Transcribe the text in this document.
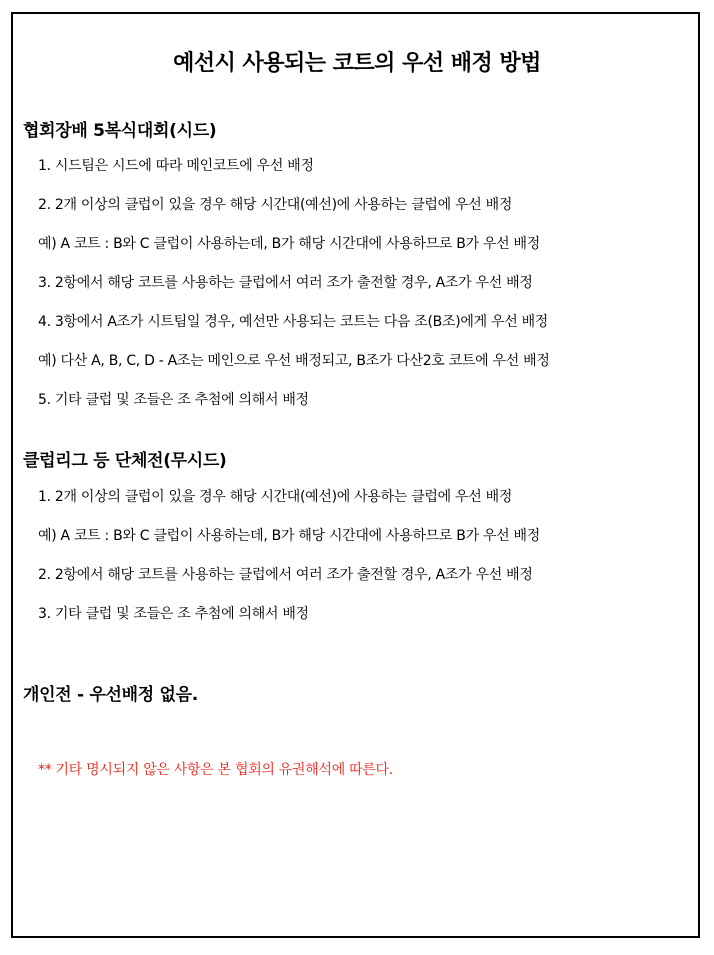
예선시 사용되는 코트의 우선 배정 방법
협회장배 5복식대회(시드)
1. 시드팀은 시드에 따라 메인코트에 우선 배정
2. 2개 이상의 클럽이 있을 경우 해당 시간대(예선)에 사용하는 클럽에 우선 배정
예) A 코트 : B와 C 클럽이 사용하는데, B가 해당 시간대에 사용하므로 B가 우선 배정
3. 2항에서 해당 코트를 사용하는 클럽에서 여러 조가 출전할 경우, A조가 우선 배정
4. 3항에서 A조가 시트팀일 경우, 예선만 사용되는 코트는 다음 조(B조)에게 우선 배정
예) 다산 A, B, C, D - A조는 메인으로 우선 배정되고, B조가 다산2호 코트에 우선 배정
5. 기타 클럽 및 조들은 조 추첨에 의해서 배정
클럽리그 등 단체전(무시드)
1. 2개 이상의 클럽이 있을 경우 해당 시간대(예선)에 사용하는 클럽에 우선 배정
예) A 코트 : B와 C 클럽이 사용하는데, B가 해당 시간대에 사용하므로 B가 우선 배정
2. 2항에서 해당 코트를 사용하는 클럽에서 여러 조가 출전할 경우, A조가 우선 배정
3. 기타 클럽 및 조들은 조 추첨에 의해서 배정
개인전 - 우선배정 없음.
** 기타 명시되지 않은 사항은 본 협회의 유권해석에 따른다.
